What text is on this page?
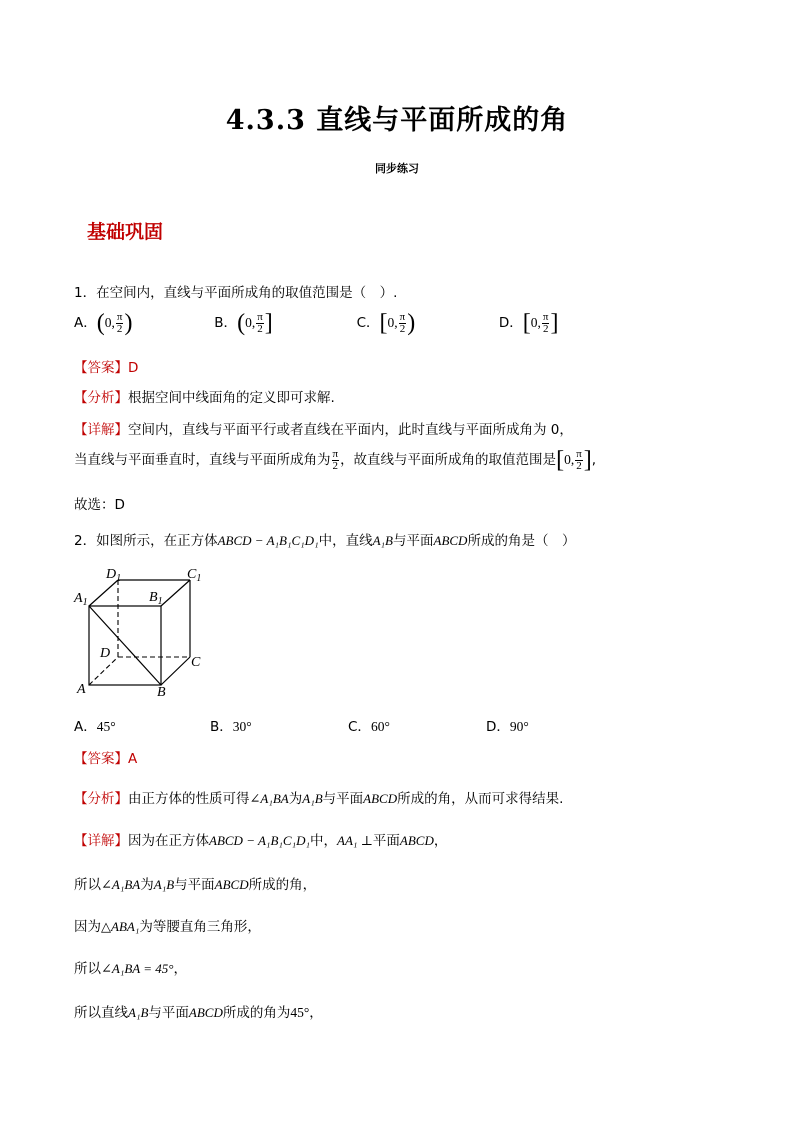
4.3.3 直线与平面所成的角
同步练习
基础巩固
1．在空间内，直线与平面所成角的取值范围是（　）.
A．(0, $\frac{\pi}{2}$ )	B．(0, $\frac{\pi}{2}$ ]	C．[0, $\frac{\pi}{2}$ )	D．[0, $\frac{\pi}{2}$ ]
【答案】D
【分析】根据空间中线面角的定义即可求解.
【详解】空间内，直线与平面平行或者直线在平面内，此时直线与平面所成角为 0，
当直线与平面垂直时，直线与平面所成角为 $\frac{\pi}{2}$ ，故直线与平面所成角的取值范围是[0, $\frac{\pi}{2}$ ],
故选：D
2．如图所示，在正方体ABCD − A₁B₁C₁D₁中，直线A₁B与平面ABCD所成的角是（　）
$D_1$	$C_1$
$A_1$	$B_1$
D
C
A	B
A．45°	B．30°	C．60°	D．90°
【答案】A
【分析】由正方体的性质可得∠A₁BA为A₁B与平面ABCD所成的角，从而可求得结果.
【详解】因为在正方体ABCD − A₁B₁C₁D₁中，AA₁ ⊥平面ABCD，
所以∠A₁BA为A₁B与平面ABCD所成的角，
因为△ABA₁为等腰直角三角形，
所以∠A₁BA = 45°，
所以直线A₁B与平面ABCD所成的角为45°，
